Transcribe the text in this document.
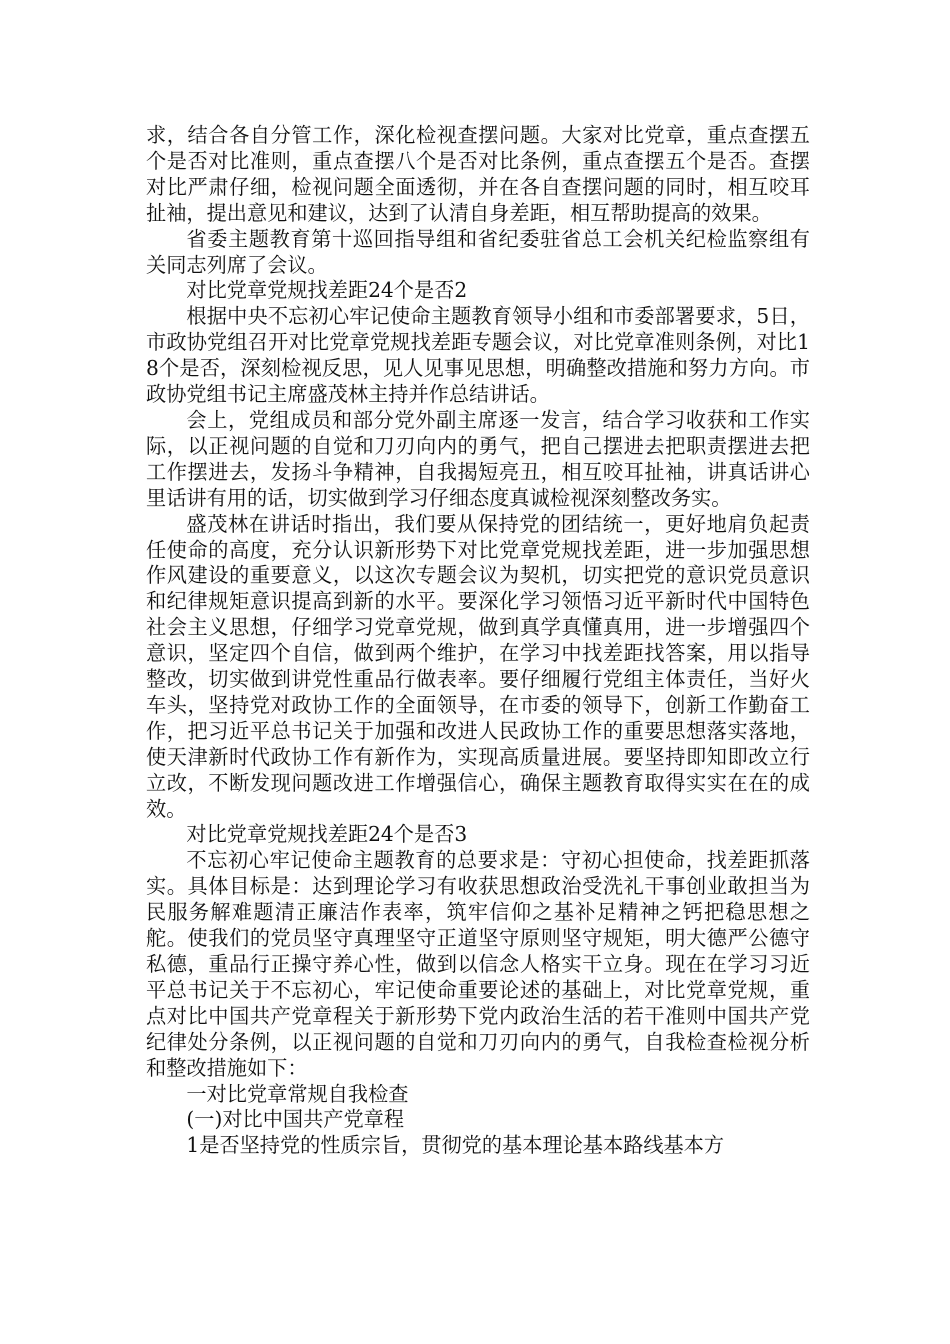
求，结合各自分管工作，深化检视查摆问题。大家对比党章，重点查摆五个是否对比准则，重点查摆八个是否对比条例，重点查摆五个是否。查摆对比严肃仔细，检视问题全面透彻，并在各自查摆问题的同时，相互咬耳扯袖，提出意见和建议，达到了认清自身差距，相互帮助提高的效果。

省委主题教育第十巡回指导组和省纪委驻省总工会机关纪检监察组有关同志列席了会议。

对比党章党规找差距24个是否2

根据中央不忘初心牢记使命主题教育领导小组和市委部署要求，5日，市政协党组召开对比党章党规找差距专题会议，对比党章准则条例，对比18个是否，深刻检视反思，见人见事见思想，明确整改措施和努力方向。市政协党组书记主席盛茂林主持并作总结讲话。

会上，党组成员和部分党外副主席逐一发言，结合学习收获和工作实际，以正视问题的自觉和刀刃向内的勇气，把自己摆进去把职责摆进去把工作摆进去，发扬斗争精神，自我揭短亮丑，相互咬耳扯袖，讲真话讲心里话讲有用的话，切实做到学习仔细态度真诚检视深刻整改务实。

盛茂林在讲话时指出，我们要从保持党的团结统一，更好地肩负起责任使命的高度，充分认识新形势下对比党章党规找差距，进一步加强思想作风建设的重要意义，以这次专题会议为契机，切实把党的意识党员意识和纪律规矩意识提高到新的水平。要深化学习领悟习近平新时代中国特色社会主义思想，仔细学习党章党规，做到真学真懂真用，进一步增强四个意识，坚定四个自信，做到两个维护，在学习中找差距找答案，用以指导整改，切实做到讲党性重品行做表率。要仔细履行党组主体责任，当好火车头，坚持党对政协工作的全面领导，在市委的领导下，创新工作勤奋工作，把习近平总书记关于加强和改进人民政协工作的重要思想落实落地，使天津新时代政协工作有新作为，实现高质量进展。要坚持即知即改立行立改，不断发现问题改进工作增强信心，确保主题教育取得实实在在的成效。

对比党章党规找差距24个是否3

不忘初心牢记使命主题教育的总要求是：守初心担使命，找差距抓落实。具体目标是：达到理论学习有收获思想政治受洗礼干事创业敢担当为民服务解难题清正廉洁作表率，筑牢信仰之基补足精神之钙把稳思想之舵。使我们的党员坚守真理坚守正道坚守原则坚守规矩，明大德严公德守私德，重品行正操守养心性，做到以信念人格实干立身。现在在学习习近平总书记关于不忘初心，牢记使命重要论述的基础上，对比党章党规，重点对比中国共产党章程关于新形势下党内政治生活的若干准则中国共产党纪律处分条例，以正视问题的自觉和刀刃向内的勇气，自我检查检视分析和整改措施如下：

一对比党章常规自我检查

(一)对比中国共产党章程

1是否坚持党的性质宗旨，贯彻党的基本理论基本路线基本方
